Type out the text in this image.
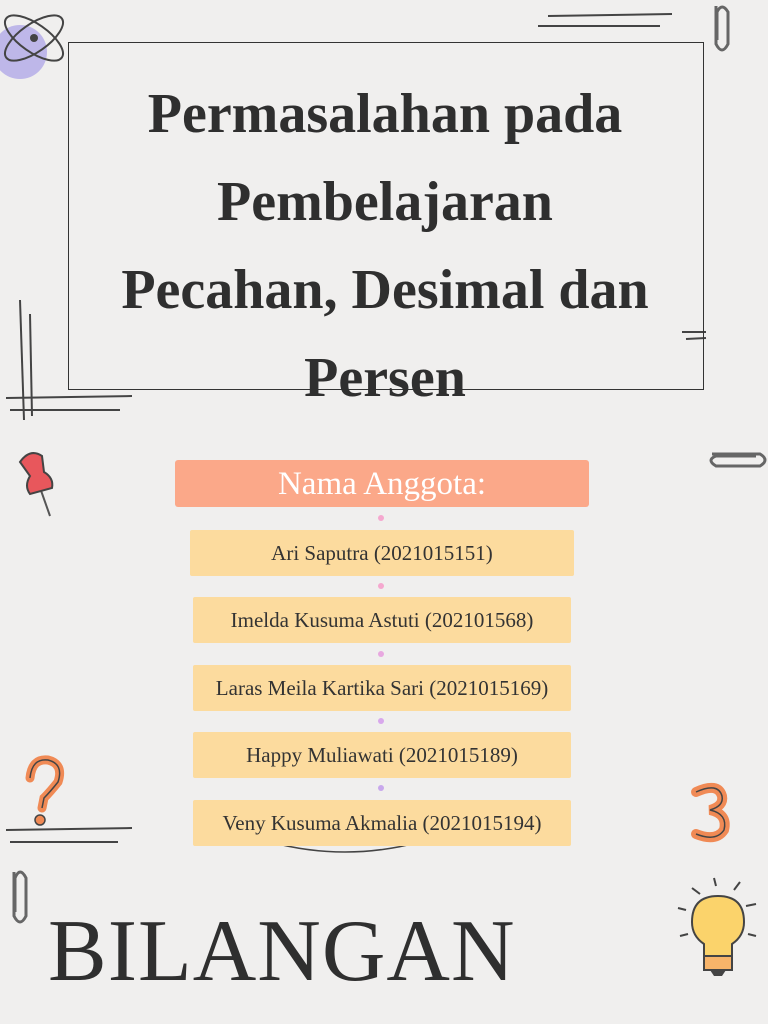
Permasalahan pada
Pembelajaran
Pecahan, Desimal dan
Persen
Nama Anggota:
Ari Saputra (2021015151)
Imelda Kusuma Astuti (202101568)
Laras Meila Kartika Sari (2021015169)
Happy Muliawati (2021015189)
Veny Kusuma Akmalia (2021015194)
BILANGAN
